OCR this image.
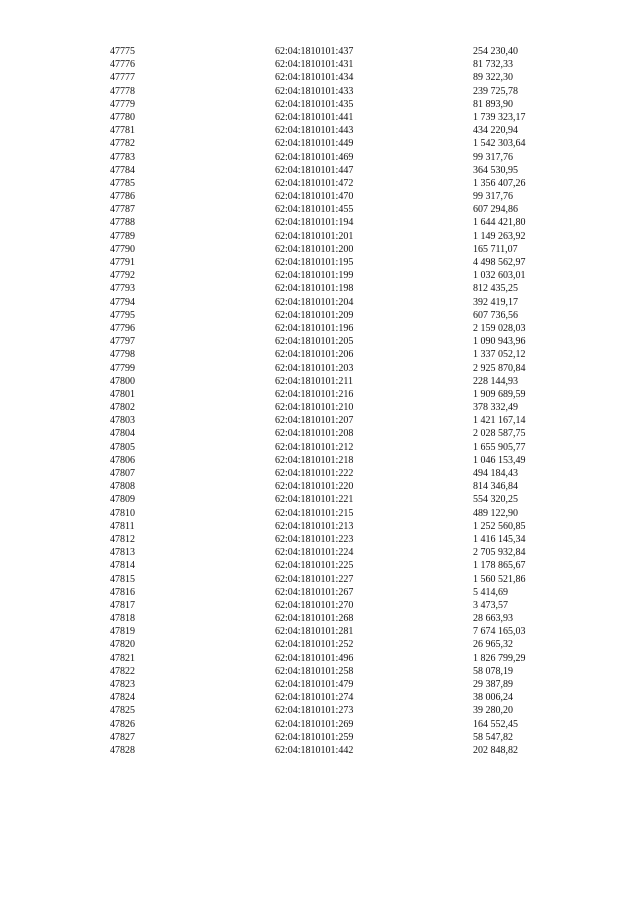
47775	62:04:1810101:437	254 230,40
47776	62:04:1810101:431	81 732,33
47777	62:04:1810101:434	89 322,30
47778	62:04:1810101:433	239 725,78
47779	62:04:1810101:435	81 893,90
47780	62:04:1810101:441	1 739 323,17
47781	62:04:1810101:443	434 220,94
47782	62:04:1810101:449	1 542 303,64
47783	62:04:1810101:469	99 317,76
47784	62:04:1810101:447	364 530,95
47785	62:04:1810101:472	1 356 407,26
47786	62:04:1810101:470	99 317,76
47787	62:04:1810101:455	607 294,86
47788	62:04:1810101:194	1 644 421,80
47789	62:04:1810101:201	1 149 263,92
47790	62:04:1810101:200	165 711,07
47791	62:04:1810101:195	4 498 562,97
47792	62:04:1810101:199	1 032 603,01
47793	62:04:1810101:198	812 435,25
47794	62:04:1810101:204	392 419,17
47795	62:04:1810101:209	607 736,56
47796	62:04:1810101:196	2 159 028,03
47797	62:04:1810101:205	1 090 943,96
47798	62:04:1810101:206	1 337 052,12
47799	62:04:1810101:203	2 925 870,84
47800	62:04:1810101:211	228 144,93
47801	62:04:1810101:216	1 909 689,59
47802	62:04:1810101:210	378 332,49
47803	62:04:1810101:207	1 421 167,14
47804	62:04:1810101:208	2 028 587,75
47805	62:04:1810101:212	1 655 905,77
47806	62:04:1810101:218	1 046 153,49
47807	62:04:1810101:222	494 184,43
47808	62:04:1810101:220	814 346,84
47809	62:04:1810101:221	554 320,25
47810	62:04:1810101:215	489 122,90
47811	62:04:1810101:213	1 252 560,85
47812	62:04:1810101:223	1 416 145,34
47813	62:04:1810101:224	2 705 932,84
47814	62:04:1810101:225	1 178 865,67
47815	62:04:1810101:227	1 560 521,86
47816	62:04:1810101:267	5 414,69
47817	62:04:1810101:270	3 473,57
47818	62:04:1810101:268	28 663,93
47819	62:04:1810101:281	7 674 165,03
47820	62:04:1810101:252	26 965,32
47821	62:04:1810101:496	1 826 799,29
47822	62:04:1810101:258	58 078,19
47823	62:04:1810101:479	29 387,89
47824	62:04:1810101:274	38 006,24
47825	62:04:1810101:273	39 280,20
47826	62:04:1810101:269	164 552,45
47827	62:04:1810101:259	58 547,82
47828	62:04:1810101:442	202 848,82
